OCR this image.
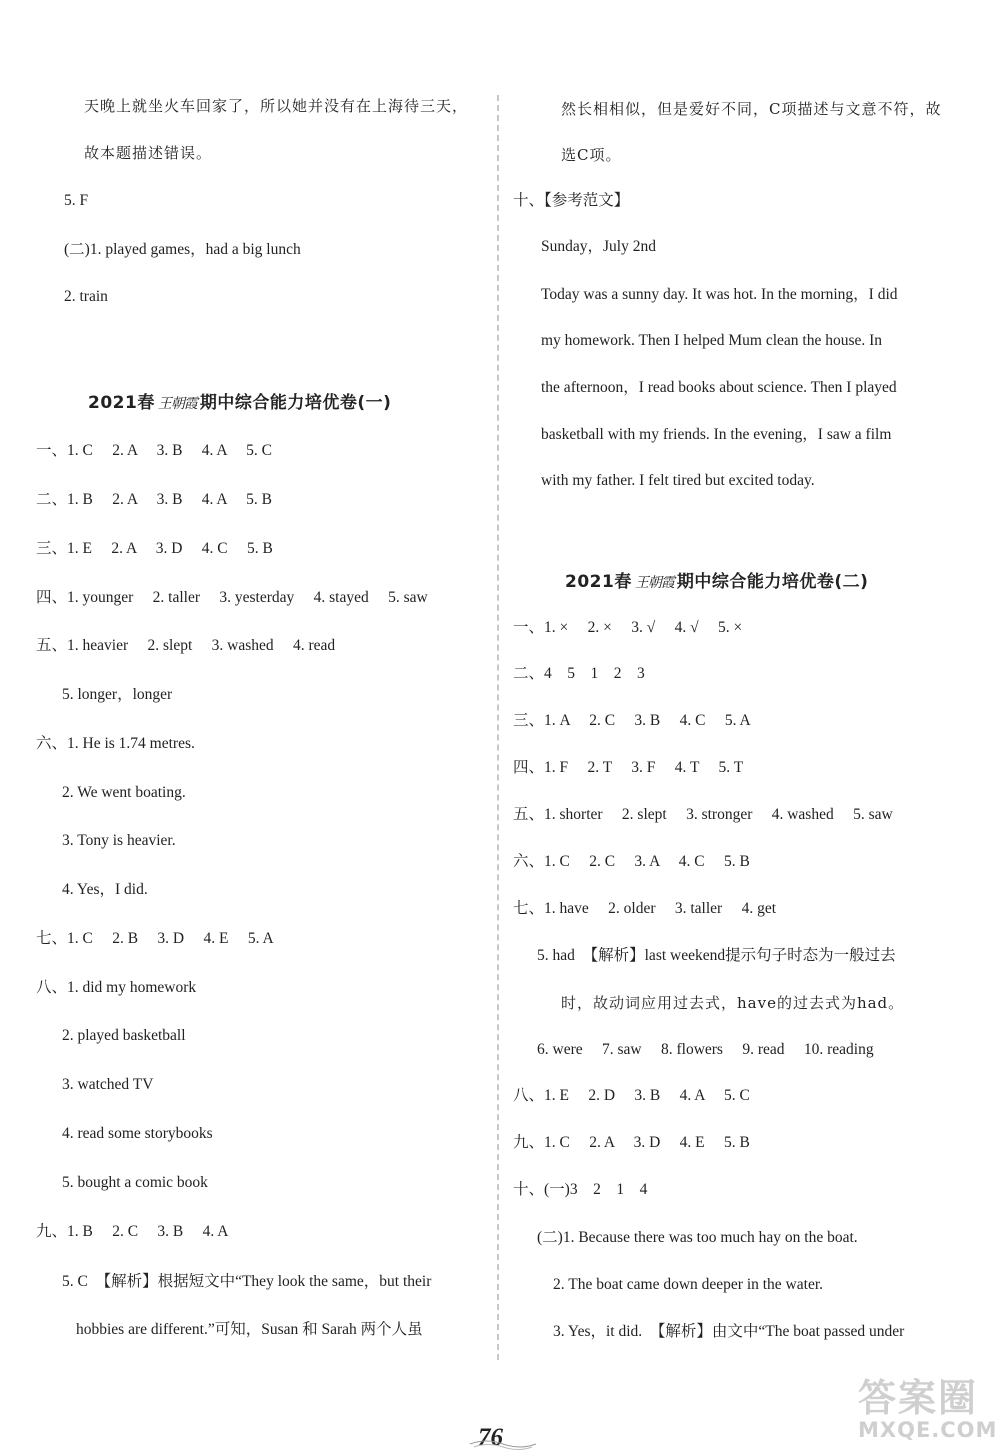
天晚上就坐火车回家了，所以她并没有在上海待三天，
故本题描述错误。
5. F
(二)1. played games，had a big lunch
2. train
2021春 王朝霞 期中综合能力培优卷(一)
一、1. C　 2. A　 3. B　 4. A　 5. C
二、1. B　 2. A　 3. B　 4. A　 5. B
三、1. E　 2. A　 3. D　 4. C　 5. B
四、1. younger　 2. taller　 3. yesterday　 4. stayed　 5. saw
五、1. heavier　 2. slept　 3. washed　 4. read
5. longer，longer
六、1. He is 1.74 metres.
2. We went boating.
3. Tony is heavier.
4. Yes，I did.
七、1. C　 2. B　 3. D　 4. E　 5. A
八、1. did my homework
2. played basketball
3. watched TV
4. read some storybooks
5. bought a comic book
九、1. B　 2. C　 3. B　 4. A
5. C　【解析】根据短文中“They look the same，but their
hobbies are different.”可知，Susan 和 Sarah 两个人虽
然长相相似，但是爱好不同，C项描述与文意不符，故
选C项。
十、【参考范文】
Sunday，July 2nd
Today was a sunny day. It was hot. In the morning，I did
my homework. Then I helped Mum clean the house. In
the afternoon，I read books about science. Then I played
basketball with my friends. In the evening，I saw a film
with my father. I felt tired but excited today.
2021春 王朝霞 期中综合能力培优卷(二)
一、1. ×　 2. ×　 3. √　 4. √　 5. ×
二、4　5　1　2　3
三、1. A　 2. C　 3. B　 4. C　 5. A
四、1. F　 2. T　 3. F　 4. T　 5. T
五、1. shorter　 2. slept　 3. stronger　 4. washed　 5. saw
六、1. C　 2. C　 3. A　 4. C　 5. B
七、1. have　 2. older　 3. taller　 4. get
5. had　【解析】last weekend提示句子时态为一般过去
时，故动词应用过去式，have的过去式为had。
6. were　 7. saw　 8. flowers　 9. read　 10. reading
八、1. E　 2. D　 3. B　 4. A　 5. C
九、1. C　 2. A　 3. D　 4. E　 5. B
十、(一)3　2　1　4
(二)1. Because there was too much hay on the boat.
2. The boat came down deeper in the water.
3. Yes，it did.　【解析】由文中“The boat passed under
76
答案圈
MXQE.COM
